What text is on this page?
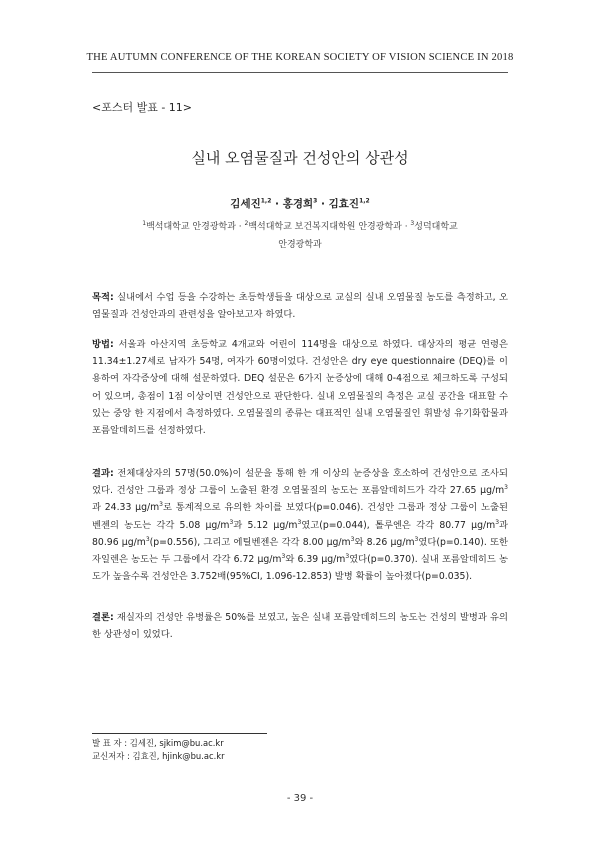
THE AUTUMN CONFERENCE OF THE KOREAN SOCIETY OF VISION SCIENCE IN 2018
<포스터 발표 - 11>
실내 오염물질과 건성안의 상관성
김세진$^{1,2}$ · 홍경희$^3$ · 김효진$^{1,2}$
$^1$백석대학교 안경광학과 · $^2$백석대학교 보건복지대학원 안경광학과 · $^3$성덕대학교
안경광학과

목적: 실내에서 수업 등을 수강하는 초등학생들을 대상으로 교실의 실내 오염물질 농도를 측정하고, 오염물질과 건성안과의 관련성을 알아보고자 하였다.

방법: 서울과 아산지역 초등학교 4개교와 어린이 114명을 대상으로 하였다. 대상자의 평균 연령은 11.34±1.27세로 남자가 54명, 여자가 60명이었다. 건성안은 dry eye questionnaire (DEQ)를 이용하여 자각증상에 대해 설문하였다. DEQ 설문은 6가지 눈증상에 대해 0-4점으로 체크하도록 구성되어 있으며, 총점이 1점 이상이면 건성안으로 판단한다. 실내 오염물질의 측정은 교실 공간을 대표할 수 있는 중앙 한 지점에서 측정하였다. 오염물질의 종류는 대표적인 실내 오염물질인 휘발성 유기화합물과 포름알데히드를 선정하였다.

결과: 전체대상자의 57명(50.0%)이 설문을 통해 한 개 이상의 눈증상을 호소하여 건성안으로 조사되었다. 건성안 그룹과 정상 그룹이 노출된 환경 오염물질의 농도는 포름알데히드가 각각 27.65 $\mu g/m^3$과 24.33 $\mu g/m^3$로 통계적으로 유의한 차이를 보였다(p=0.046). 건성안 그룹과 정상 그룹이 노출된 벤젠의 농도는 각각 5.08 $\mu g/m^3$과 5.12 $\mu g/m^3$였고(p=0.044), 톨루엔은 각각 80.77 $\mu g/m^3$과 80.96 $\mu g/m^3(p=0.556)$, 그리고 에틸벤젠은 각각 8.00 $\mu g/m^3$와 8.26 $\mu g/m^3$였다(p=0.140). 또한 자일렌은 농도는 두 그룹에서 각각 6.72 $\mu g/m^3$와 6.39 $\mu g/m^3$였다(p=0.370). 실내 포름알데히드 농도가 높을수록 건성안은 3.752배(95%CI, 1.096-12.853) 발병 확률이 높아졌다(p=0.035).

결론: 재실자의 건성안 유병률은 50%를 보였고, 높은 실내 포름알데히드의 농도는 건성의 발병과 유의한 상관성이 있었다.

발 표 자 : 김세진, sjkim@bu.ac.kr
교신저자 : 김효진, hjink@bu.ac.kr
- 39 -
